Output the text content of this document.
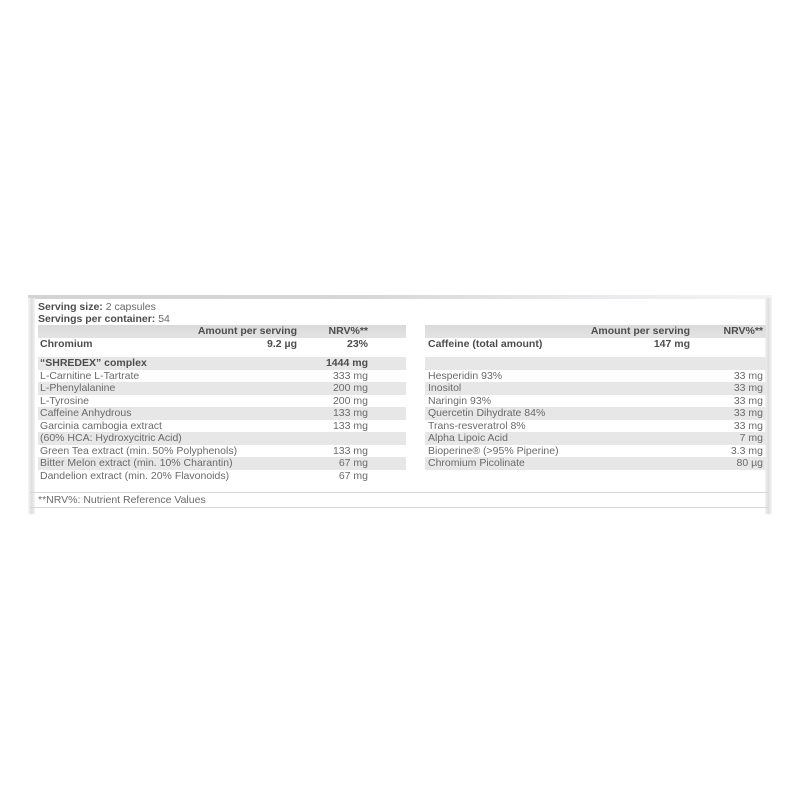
Serving size: 2 capsules
Servings per container: 54
Amount per serving	NRV%**
Chromium	9.2 µg	23%
“SHREDEX” complex	1444 mg
L-Carnitine L-Tartrate	333 mg
L-Phenylalanine	200 mg
L-Tyrosine	200 mg
Caffeine Anhydrous	133 mg
Garcinia cambogia extract	133 mg
(60% HCA: Hydroxycitric Acid)
Green Tea extract (min. 50% Polyphenols)	133 mg
Bitter Melon extract (min. 10% Charantin)	67 mg
Dandelion extract (min. 20% Flavonoids)	67 mg
Amount per serving	NRV%**
Caffeine (total amount)	147 mg
Hesperidin 93%	33 mg
Inositol	33 mg
Naringin 93%	33 mg
Quercetin Dihydrate 84%	33 mg
Trans-resveratrol 8%	33 mg
Alpha Lipoic Acid	7 mg
Bioperine® (>95% Piperine)	3.3 mg
Chromium Picolinate	80 µg
**NRV%: Nutrient Reference Values
